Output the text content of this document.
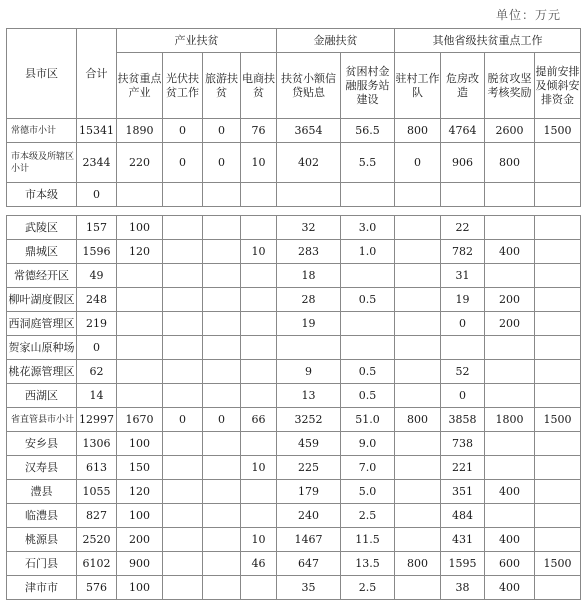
单位：万元
县市区	合计	产业扶贫				金融扶贫		其他省级扶贫重点工作			
		扶贫重点产业	光伏扶贫工作	旅游扶贫	电商扶贫	扶贫小额信贷贴息	贫困村金融服务站建设	驻村工作队	危房改造	脱贫攻坚考核奖励	提前安排及倾斜安排资金
常德市小计	15341	1890	0	0	76	3654	56.5	800	4764	2600	1500
市本级及所辖区小计	2344	220	0	0	10	402	5.5	0	906	800	
市本级	0										

武陵区	157	100				32	3.0		22		
鼎城区	1596	120			10	283	1.0		782	400	
常德经开区	49					18			31		
柳叶湖度假区	248					28	0.5		19	200	
西洞庭管理区	219					19			0	200	
贺家山原种场	0										
桃花源管理区	62					9	0.5		52		
西湖区	14					13	0.5		0		
省直管县市小计	12997	1670	0	0	66	3252	51.0	800	3858	1800	1500
安乡县	1306	100				459	9.0		738		
汉寿县	613	150			10	225	7.0		221		
澧县	1055	120				179	5.0		351	400	
临澧县	827	100				240	2.5		484		
桃源县	2520	200			10	1467	11.5		431	400	
石门县	6102	900			46	647	13.5	800	1595	600	1500
津市市	576	100				35	2.5		38	400	
